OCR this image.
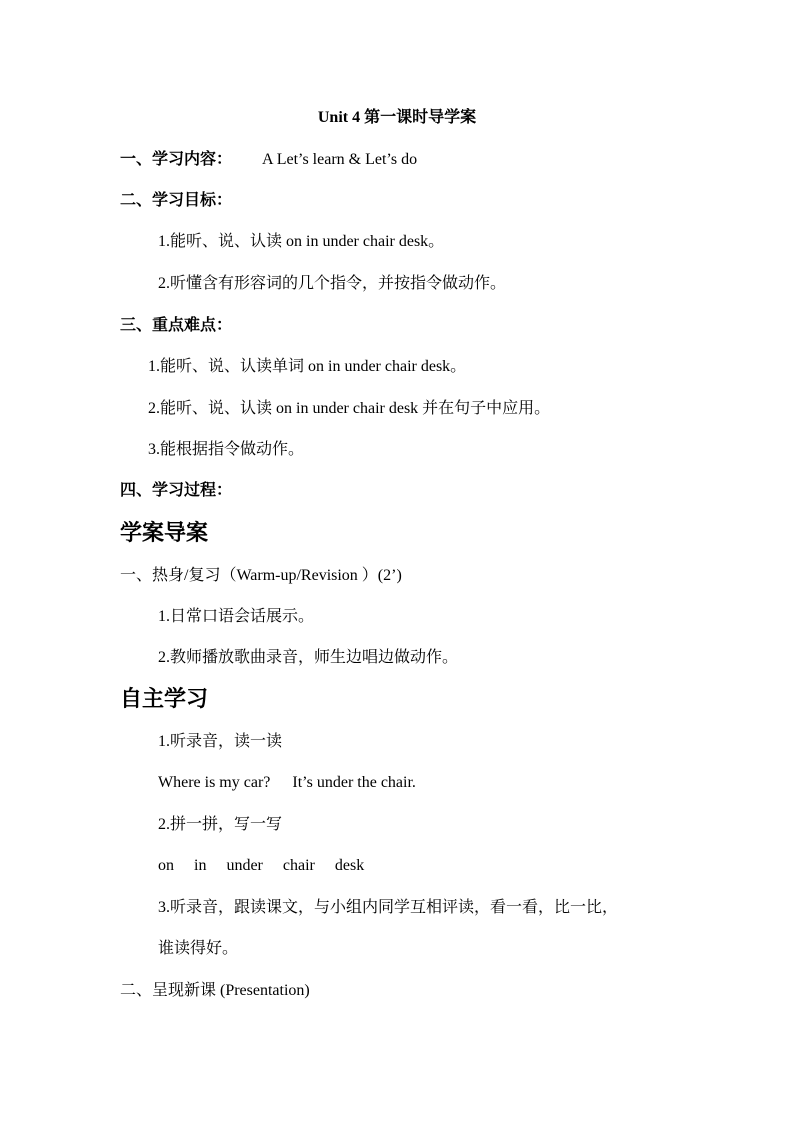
Unit 4 第一课时导学案
一、学习内容： A Let’s learn & Let’s do
二、学习目标：
1.能听、说、认读 on in under chair desk。
2.听懂含有形容词的几个指令，并按指令做动作。
三、重点难点：
1.能听、说、认读单词 on in under chair desk。
2.能听、说、认读 on in under chair desk 并在句子中应用。
3.能根据指令做动作。
四、学习过程：
学案导案
一、热身/复习（Warm-up/Revision ）(2’)
1.日常口语会话展示。
2.教师播放歌曲录音，师生边唱边做动作。
自主学习
1.听录音，读一读
Where is my car? It’s under the chair.
2.拼一拼，写一写
on in under chair desk
3.听录音，跟读课文，与小组内同学互相评读，看一看，比一比，
谁读得好。
二、呈现新课 (Presentation)
